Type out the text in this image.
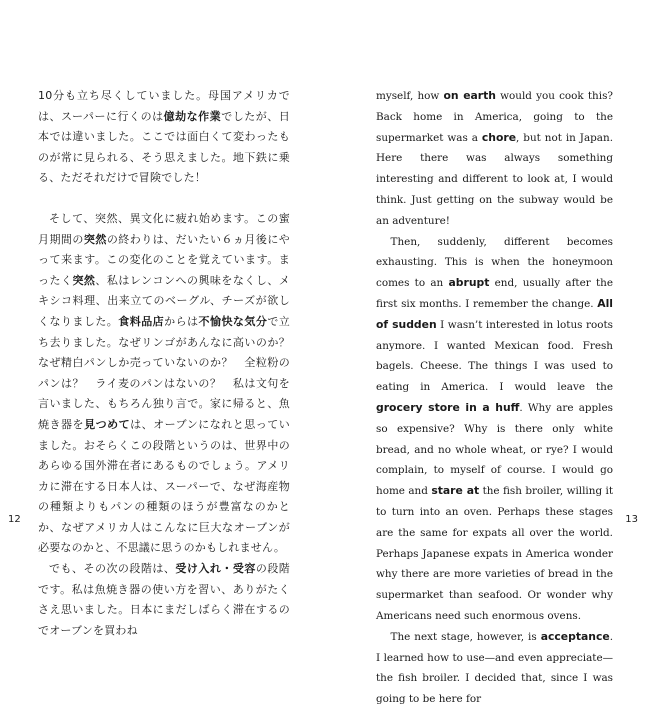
10分も立ち尽くしていました。母国アメリカでは、スーパーに行くのは億劫な作業でしたが、日本では違いました。ここでは面白くて変わったものが常に見られる、そう思えました。地下鉄に乗る、ただそれだけで冒険でした！

そして、突然、異文化に疲れ始めます。この蜜月期間の突然の終わりは、だいたい６ヵ月後にやって来ます。この変化のことを覚えています。まったく突然、私はレンコンへの興味をなくし、メキシコ料理、出来立てのベーグル、チーズが欲しくなりました。食料品店からは不愉快な気分で立ち去りました。なぜリンゴがあんなに高いのか？　なぜ精白パンしか売っていないのか？　全粒粉のパンは？　ライ麦のパンはないの？　私は文句を言いました、もちろん独り言で。家に帰ると、魚焼き器を見つめては、オーブンになれと思っていました。おそらくこの段階というのは、世界中のあらゆる国外滞在者にあるものでしょう。アメリカに滞在する日本人は、スーパーで、なぜ海産物の種類よりもパンの種類のほうが豊富なのかとか、なぜアメリカ人はこんなに巨大なオーブンが必要なのかと、不思議に思うのかもしれません。

でも、その次の段階は、受け入れ・受容の段階です。私は魚焼き器の使い方を習い、ありがたくさえ思いました。日本にまだしばらく滞在するのでオーブンを買わね

12

myself, how on earth would you cook this? Back home in America, going to the supermarket was a chore, but not in Japan. Here there was always something interesting and different to look at, I would think. Just getting on the subway would be an adventure!

Then, suddenly, different becomes exhausting. This is when the honeymoon comes to an abrupt end, usually after the first six months. I remember the change. All of sudden I wasn’t interested in lotus roots anymore. I wanted Mexican food. Fresh bagels. Cheese. The things I was used to eating in America. I would leave the grocery store in a huff. Why are apples so expensive? Why is there only white bread, and no whole wheat, or rye? I would complain, to myself of course. I would go home and stare at the fish broiler, willing it to turn into an oven. Perhaps these stages are the same for expats all over the world. Perhaps Japanese expats in America wonder why there are more varieties of bread in the supermarket than seafood. Or wonder why Americans need such enormous ovens.

The next stage, however, is acceptance. I learned how to use—and even appreciate—the fish broiler. I decided that, since I was going to be here for

13
